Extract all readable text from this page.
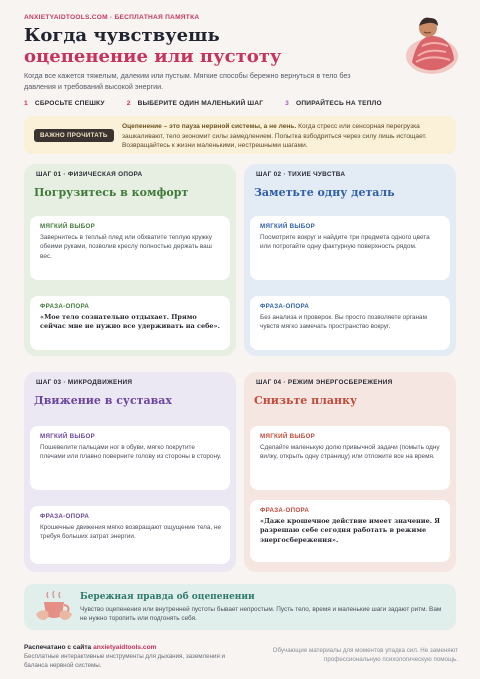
ANXIETYAIDTOOLS.COM · БЕСПЛАТНАЯ ПАМЯТКА
Когда чувствуешь
оцепенение или пустоту
Когда все кажется тяжелым, далеким или пустым. Мягкие способы бережно вернуться в тело без давления и требований высокой энергии.
1 СБРОСЬТЕ СПЕШКУ	2 ВЫБЕРИТЕ ОДИН МАЛЕНЬКИЙ ШАГ	3 ОПИРАЙТЕСЬ НА ТЕПЛО
ВАЖНО ПРОЧИТАТЬ
Оцепенение – это пауза нервной системы, а не лень. Когда стресс или сенсорная перегрузка зашкаливают, тело экономит силы замедлением. Попытка взбодриться через силу лишь истощает. Возвращайтесь к жизни маленькими, нестрешными шагами.
ШАГ 01 · ФИЗИЧЕСКАЯ ОПОРА
Погрузитесь в комфорт
МЯГКИЙ ВЫБОР
Завернитесь в теплый плед или обхватите теплую кружку обеими руками, позволив креслу полностью держать ваш вес.
ФРАЗА-ОПОРА
«Мое тело сознательно отдыхает. Прямо сейчас мне не нужно все удерживать на себе».
ШАГ 02 · ТИХИЕ ЧУВСТВА
Заметьте одну деталь
МЯГКИЙ ВЫБОР
Посмотрите вокруг и найдите три предмета одного цвета или потрогайте одну фактурную поверхность рядом.
ФРАЗА-ОПОРА
Без анализа и проверок. Вы просто позволяете органам чувств мягко замечать пространство вокруг.
ШАГ 03 · МИКРОДВИЖЕНИЯ
Движение в суставах
МЯГКИЙ ВЫБОР
Пошевелите пальцами ног в обуви, мягко покрутите плечами или плавно поверните голову из стороны в сторону.
ФРАЗА-ОПОРА
Крошечные движения мягко возвращают ощущение тела, не требуя больших затрат энергии.
ШАГ 04 · РЕЖИМ ЭНЕРГОСБЕРЕЖЕНИЯ
Снизьте планку
МЯГКИЙ ВЫБОР
Сделайте маленькую долю привычной задачи (помыть одну вилку, открыть одну страницу) или отложите все на время.
ФРАЗА-ОПОРА
«Даже крошечное действие имеет значение. Я разрешаю себе сегодня работать в режиме энергосбережения».
Бережная правда об оцепенении
Чувство оцепенения или внутренней пустоты бывает непростым. Пусть тело, время и маленькие шаги задают ритм. Вам не нужно торопить или подгонять себя.
Распечатано с сайта anxietyaidtools.com
Бесплатные интерактивные инструменты для дыхания, заземления и баланса нервной системы.
Обучающие материалы для моментов упадка сил. Не заменяют профессиональную психологическую помощь.
